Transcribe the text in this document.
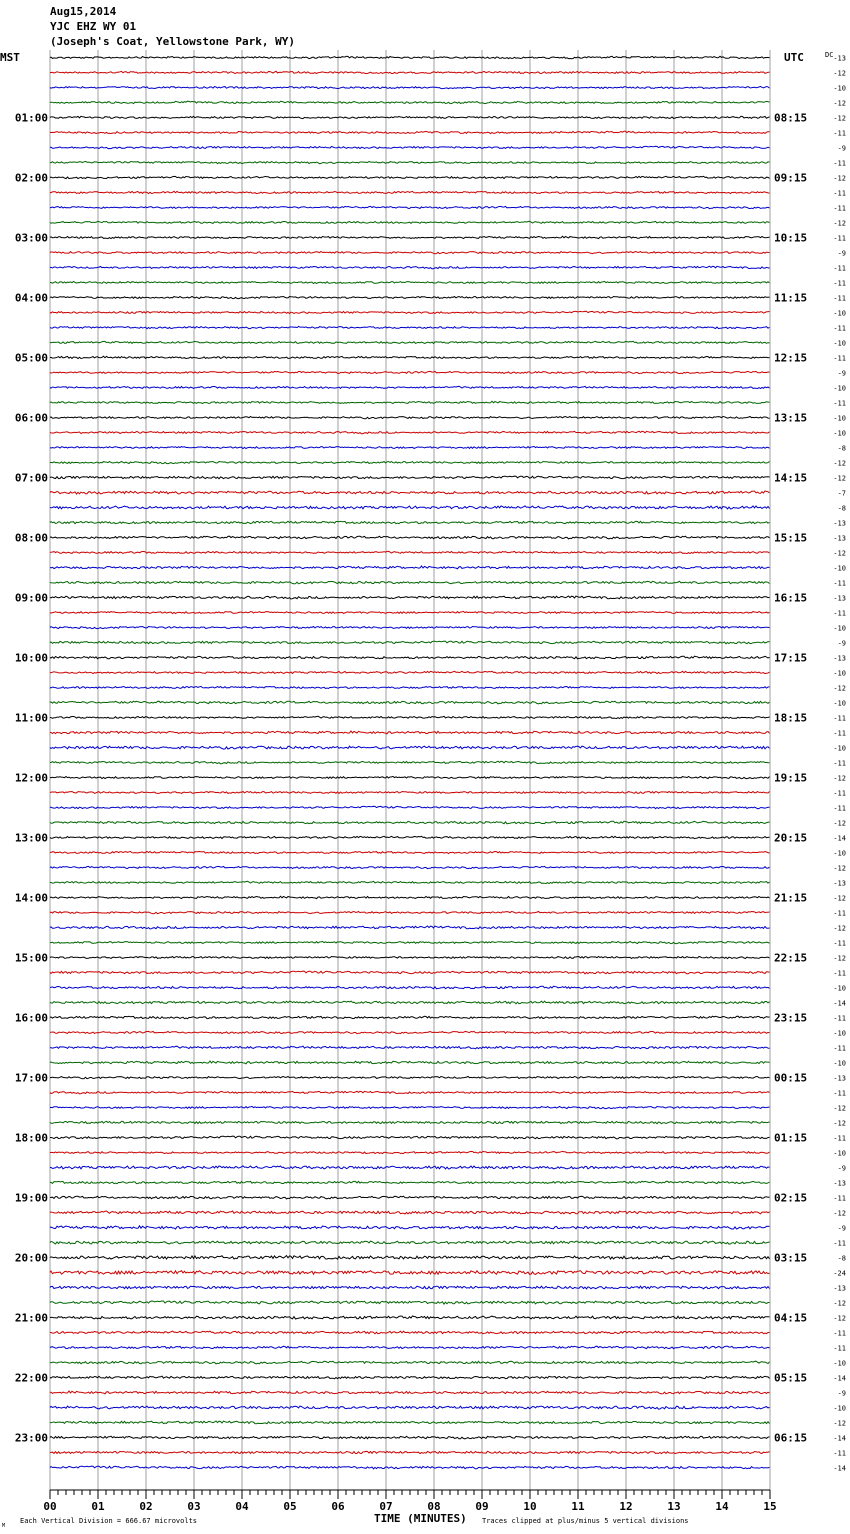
Aug15,2014
YJC EHZ WY 01
(Joseph's Coat, Yellowstone Park, WY)
-13
-12
-10
-12
-12
-11
-9
-11
-12
-11
-11
-12
-11
-9
-11
-11
-11
-10
-11
-10
-11
-9
-10
-11
-10
-10
-8
-12
-12
-7
-8
-13
-13
-12
-10
-11
-13
-11
-10
-9
-13
-10
-12
-10
-11
-11
-10
-11
-12
-11
-11
-12
-14
-10
-12
-13
-12
-11
-12
-11
-12
-11
-10
-14
-11
-10
-11
-10
-13
-11
-12
-12
-11
-10
-9
-13
-11
-12
-9
-11
-8
-24
-13
-12
-12
-11
-11
-10
-14
-9
-10
-12
-14
-11
-14
01:00	08:15
02:00	09:15
03:00	10:15
04:00	11:15
05:00	12:15
06:00	13:15
07:00	14:15
08:00	15:15
09:00	16:15
10:00	17:15
11:00	18:15
12:00	19:15
13:00	20:15
14:00	21:15
15:00	22:15
16:00	23:15
17:00	00:15
18:00	01:15
19:00	02:15
20:00	03:15
21:00	04:15
22:00	05:15
23:00	06:15
00	01	02	03	04	05	06	07	08	09	10	11	12	13	14	15
MST	UTC	DC
TIME (MINUTES)
Each Vertical Division = 666.67 microvolts	Traces clipped at plus/minus 5 vertical divisions
M
